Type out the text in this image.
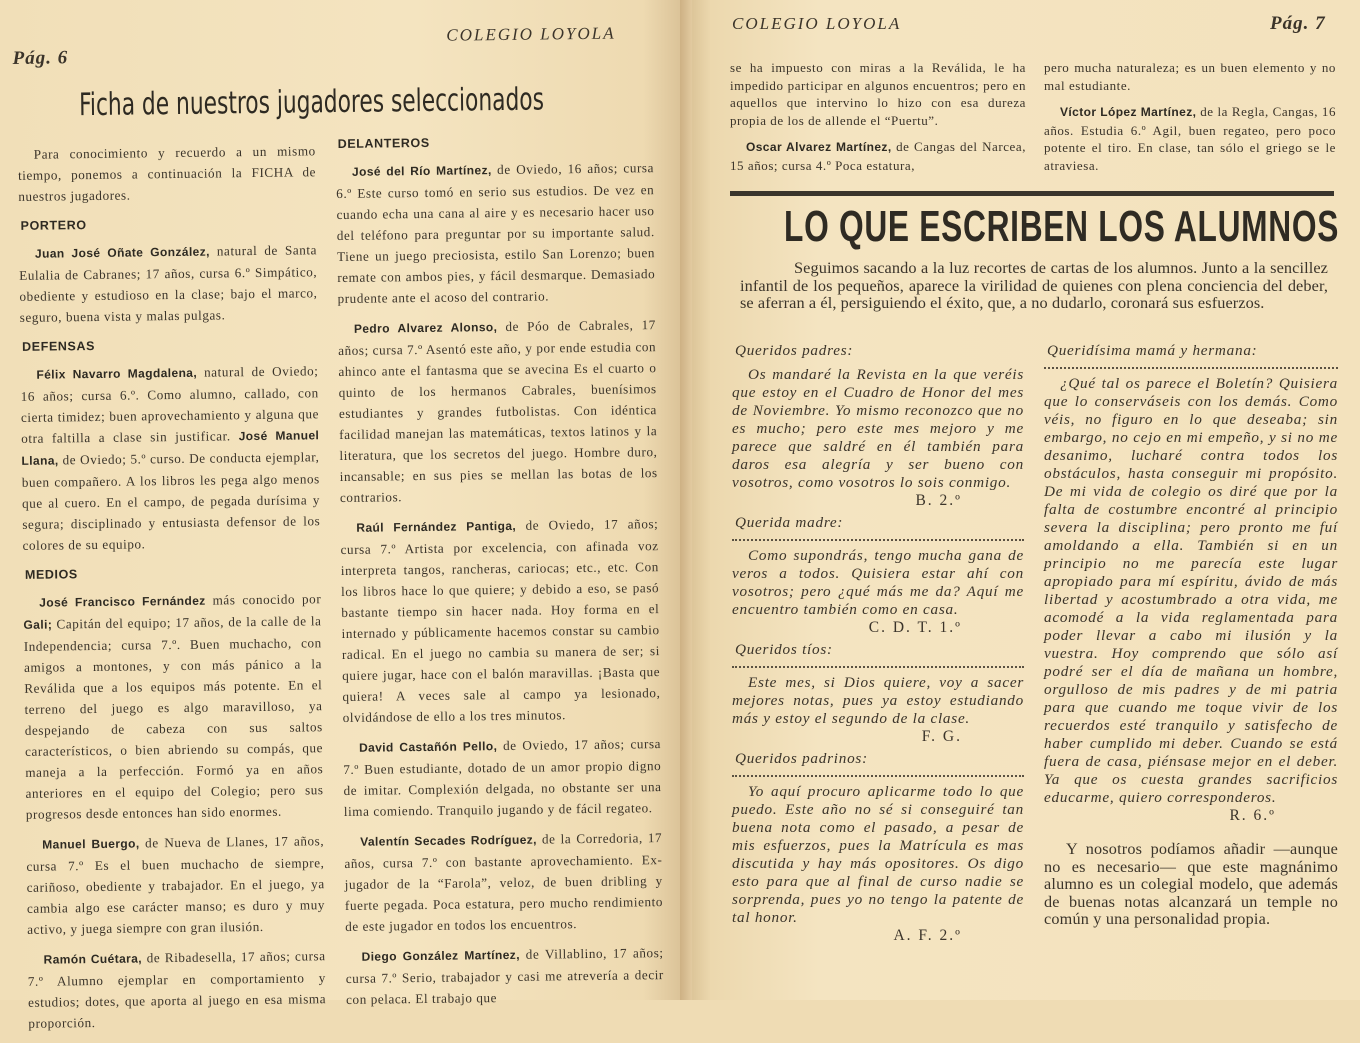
Pág. 6
COLEGIO LOYOLA
Ficha de nuestros jugadores seleccionados

Para conocimiento y recuerdo a un mismo tiempo, ponemos a continuación la FICHA de nuestros jugadores.

PORTERO

Juan José Oñate González, natural de Santa Eulalia de Cabranes; 17 años, cursa 6.º Simpático, obediente y estudioso en la clase; bajo el marco, seguro, buena vista y malas pulgas.

DEFENSAS

Félix Navarro Magdalena, natural de Oviedo; 16 años; cursa 6.º. Como alumno, callado, con cierta timidez; buen aprovechamiento y alguna que otra faltilla a clase sin justificar. José Manuel Llana, de Oviedo; 5.º curso. De conducta ejemplar, buen compañero. A los libros les pega algo menos que al cuero. En el campo, de pegada durísima y segura; disciplinado y entusiasta defensor de los colores de su equipo.

MEDIOS

José Francisco Fernández más conocido por Gali; Capitán del equipo; 17 años, de la calle de la Independencia; cursa 7.º. Buen muchacho, con amigos a montones, y con más pánico a la Reválida que a los equipos más potente. En el terreno del juego es algo maravilloso, ya despejando de cabeza con sus saltos característicos, o bien abriendo su compás, que maneja a la perfección. Formó ya en años anteriores en el equipo del Colegio; pero sus progresos desde entonces han sido enormes.

Manuel Buergo, de Nueva de Llanes, 17 años, cursa 7.º Es el buen muchacho de siempre, cariñoso, obediente y trabajador. En el juego, ya cambia algo ese carácter manso; es duro y muy activo, y juega siempre con gran ilusión.

Ramón Cuétara, de Ribadesella, 17 años; cursa 7.º Alumno ejemplar en comportamiento y estudios; dotes, que aporta al juego en esa misma proporción.

DELANTEROS

José del Río Martínez, de Oviedo, 16 años; cursa 6.º Este curso tomó en serio sus estudios. De vez en cuando echa una cana al aire y es necesario hacer uso del teléfono para preguntar por su importante salud. Tiene un juego preciosista, estilo San Lorenzo; buen remate con ambos pies, y fácil desmarque. Demasiado prudente ante el acoso del contrario.

Pedro Alvarez Alonso, de Póo de Cabrales, 17 años; cursa 7.º Asentó este año, y por ende estudia con ahinco ante el fantasma que se avecina Es el cuarto o quinto de los hermanos Cabrales, buenísimos estudiantes y grandes futbolistas. Con idéntica facilidad manejan las matemáticas, textos latinos y la literatura, que los secretos del juego. Hombre duro, incansable; en sus pies se mellan las botas de los contrarios.

Raúl Fernández Pantiga, de Oviedo, 17 años; cursa 7.º Artista por excelencia, con afinada voz interpreta tangos, rancheras, cariocas; etc., etc. Con los libros hace lo que quiere; y debido a eso, se pasó bastante tiempo sin hacer nada. Hoy forma en el internado y públicamente hacemos constar su cambio radical. En el juego no cambia su manera de ser; si quiere jugar, hace con el balón maravillas. ¡Basta que quiera! A veces sale al campo ya lesionado, olvidándose de ello a los tres minutos.

David Castañón Pello, de Oviedo, 17 años; cursa 7.º Buen estudiante, dotado de un amor propio digno de imitar. Complexión delgada, no obstante ser una lima comiendo. Tranquilo jugando y de fácil regateo.

Valentín Secades Rodríguez, de la Corredoria, 17 años, cursa 7.º con bastante aprovechamiento. Ex-jugador de la “Farola”, veloz, de buen dribling y fuerte pegada. Poca estatura, pero mucho rendimiento de este jugador en todos los encuentros.

Diego González Martínez, de Villablino, 17 años; cursa 7.º Serio, trabajador y casi me atrevería a decir con pelaca. El trabajo que

COLEGIO LOYOLA	Pág. 7

se ha impuesto con miras a la Reválida, le ha impedido participar en algunos encuentros; pero en aquellos que intervino lo hizo con esa dureza propia de los de allende el “Puertu”.

Oscar Alvarez Martínez, de Cangas del Narcea, 15 años; cursa 4.º Poca estatura,

pero mucha naturaleza; es un buen elemento y no mal estudiante.

Víctor López Martínez, de la Regla, Cangas, 16 años. Estudia 6.º Agil, buen regateo, pero poco potente el tiro. En clase, tan sólo el griego se le atraviesa.

LO QUE ESCRIBEN LOS ALUMNOS
Seguimos sacando a la luz recortes de cartas de los alumnos. Junto a la sencillez infantil de los pequeños, aparece la virilidad de quienes con plena conciencia del deber, se aferran a él, persiguiendo el éxito, que, a no dudarlo, coronará sus esfuerzos.
Queridos padres:

Os mandaré la Revista en la que veréis que estoy en el Cuadro de Honor del mes de Noviembre. Yo mismo reconozco que no es mucho; pero este mes mejoro y me parece que saldré en él también para daros esa alegría y ser bueno con vosotros, como vosotros lo sois conmigo.

B. 2.º

Querida madre:

Como supondrás, tengo mucha gana de veros a todos. Quisiera estar ahí con vosotros; pero ¿qué más me da? Aquí me encuentro también como en casa.

C. D. T. 1.º

Queridos tíos:

Este mes, si Dios quiere, voy a sacer mejores notas, pues ya estoy estudiando más y estoy el segundo de la clase.

F. G.

Queridos padrinos:

Yo aquí procuro aplicarme todo lo que puedo. Este año no sé si conseguiré tan buena nota como el pasado, a pesar de mis esfuerzos, pues la Matrícula es mas discutida y hay más opositores. Os digo esto para que al final de curso nadie se sorprenda, pues yo no tengo la patente de tal honor.

A. F. 2.º

Queridísima mamá y hermana:

¿Qué tal os parece el Boletín? Quisiera que lo conserváseis con los demás. Como véis, no figuro en lo que deseaba; sin embargo, no cejo en mi empeño, y si no me desanimo, lucharé contra todos los obstáculos, hasta conseguir mi propósito. De mi vida de colegio os diré que por la falta de costumbre encontré al principio severa la disciplina; pero pronto me fuí amoldando a ella. También si en un principio no me parecía este lugar apropiado para mí espíritu, ávido de más libertad y acostumbrado a otra vida, me acomodé a la vida reglamentada para poder llevar a cabo mi ilusión y la vuestra. Hoy comprendo que sólo así podré ser el día de mañana un hombre, orgulloso de mis padres y de mi patria para que cuando me toque vivir de los recuerdos esté tranquilo y satisfecho de haber cumplido mi deber. Cuando se está fuera de casa, piénsase mejor en el deber. Ya que os cuesta grandes sacrificios educarme, quiero corresponderos.

R. 6.º

Y nosotros podíamos añadir —aunque no es necesario— que este magnánimo alumno es un colegial modelo, que además de buenas notas alcanzará un temple no común y una personalidad propia.
